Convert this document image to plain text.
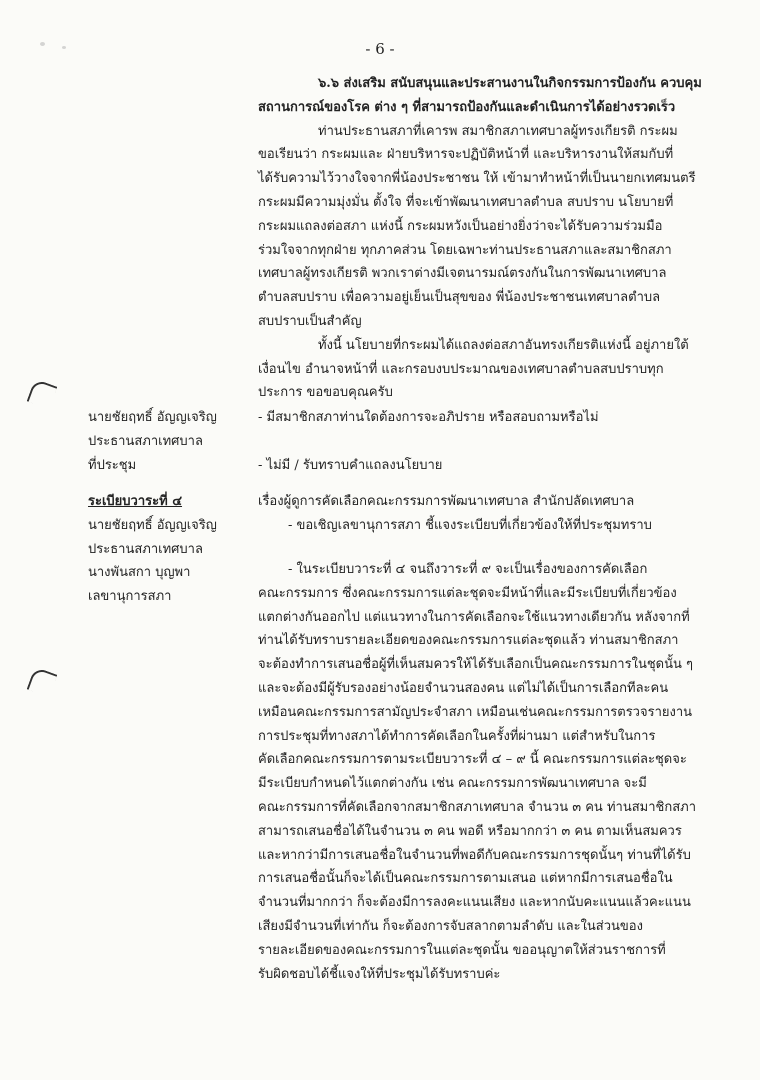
- 6 -

๖.๖ ส่งเสริม สนับสนุนและประสานงานในกิจกรรมการป้องกัน ควบคุม

สถานการณ์ของโรค ต่าง ๆ ที่สามารถป้องกันและดำเนินการได้อย่างรวดเร็ว

ท่านประธานสภาที่เคารพ สมาชิกสภาเทศบาลผู้ทรงเกียรติ กระผม

ขอเรียนว่า กระผมและ ฝ่ายบริหารจะปฏิบัติหน้าที่ และบริหารงานให้สมกับที่

ได้รับความไว้วางใจจากพี่น้องประชาชน ให้ เข้ามาทำหน้าที่เป็นนายกเทศมนตรี

กระผมมีความมุ่งมั่น ตั้งใจ ที่จะเข้าพัฒนาเทศบาลตำบล สบปราบ นโยบายที่

กระผมแถลงต่อสภา แห่งนี้ กระผมหวังเป็นอย่างยิ่งว่าจะได้รับความร่วมมือ

ร่วมใจจากทุกฝ่าย ทุกภาคส่วน โดยเฉพาะท่านประธานสภาและสมาชิกสภา

เทศบาลผู้ทรงเกียรติ พวกเราต่างมีเจตนารมณ์ตรงกันในการพัฒนาเทศบาล

ตำบลสบปราบ เพื่อความอยู่เย็นเป็นสุขของ พี่น้องประชาชนเทศบาลตำบล

สบปราบเป็นสำคัญ

ทั้งนี้ นโยบายที่กระผมได้แถลงต่อสภาอันทรงเกียรติแห่งนี้ อยู่ภายใต้

เงื่อนไข อำนาจหน้าที่ และกรอบงบประมาณของเทศบาลตำบลสบปราบทุก

ประการ ขอขอบคุณครับ

นายชัยฤทธิ์ อัญญเจริญ
ประธานสภาเทศบาล
ที่ประชุม

- มีสมาชิกสภาท่านใดต้องการจะอภิปราย หรือสอบถามหรือไม่

- ไม่มี / รับทราบคำแถลงนโยบาย

ระเบียบวาระที่ ๔
นายชัยฤทธิ์ อัญญเจริญ
ประธานสภาเทศบาล
นางพันสกา บุญพา
เลขานุการสภา
เรื่องผู้ดูการคัดเลือกคณะกรรมการพัฒนาเทศบาล สำนักปลัดเทศบาล

- ขอเชิญเลขานุการสภา ชี้แจงระเบียบที่เกี่ยวข้องให้ที่ประชุมทราบ

- ในระเบียบวาระที่ ๔ จนถึงวาระที่ ๙ จะเป็นเรื่องของการคัดเลือก

คณะกรรมการ ซึ่งคณะกรรมการแต่ละชุดจะมีหน้าที่และมีระเบียบที่เกี่ยวข้อง

แตกต่างกันออกไป แต่แนวทางในการคัดเลือกจะใช้แนวทางเดียวกัน หลังจากที่

ท่านได้รับทราบรายละเอียดของคณะกรรมการแต่ละชุดแล้ว ท่านสมาชิกสภา

จะต้องทำการเสนอชื่อผู้ที่เห็นสมควรให้ได้รับเลือกเป็นคณะกรรมการในชุดนั้น ๆ

และจะต้องมีผู้รับรองอย่างน้อยจำนวนสองคน แต่ไม่ได้เป็นการเลือกทีละคน

เหมือนคณะกรรมการสามัญประจำสภา เหมือนเช่นคณะกรรมการตรวจรายงาน

การประชุมที่ทางสภาได้ทำการคัดเลือกในครั้งที่ผ่านมา แต่สำหรับในการ

คัดเลือกคณะกรรมการตามระเบียบวาระที่ ๔ – ๙ นี้ คณะกรรมการแต่ละชุดจะ

มีระเบียบกำหนดไว้แตกต่างกัน เช่น คณะกรรมการพัฒนาเทศบาล จะมี

คณะกรรมการที่คัดเลือกจากสมาชิกสภาเทศบาล จำนวน ๓ คน ท่านสมาชิกสภา

สามารถเสนอชื่อได้ในจำนวน ๓ คน พอดี หรือมากกว่า ๓ คน ตามเห็นสมควร

และหากว่ามีการเสนอชื่อในจำนวนที่พอดีกับคณะกรรมการชุดนั้นๆ ท่านที่ได้รับ

การเสนอชื่อนั้นก็จะได้เป็นคณะกรรมการตามเสนอ แต่หากมีการเสนอชื่อใน

จำนวนที่มากกว่า ก็จะต้องมีการลงคะแนนเสียง และหากนับคะแนนแล้วคะแนน

เสียงมีจำนวนที่เท่ากัน ก็จะต้องการจับสลากตามลำดับ และในส่วนของ

รายละเอียดของคณะกรรมการในแต่ละชุดนั้น ขออนุญาตให้ส่วนราชการที่

รับผิดชอบได้ชี้แจงให้ที่ประชุมได้รับทราบค่ะ
